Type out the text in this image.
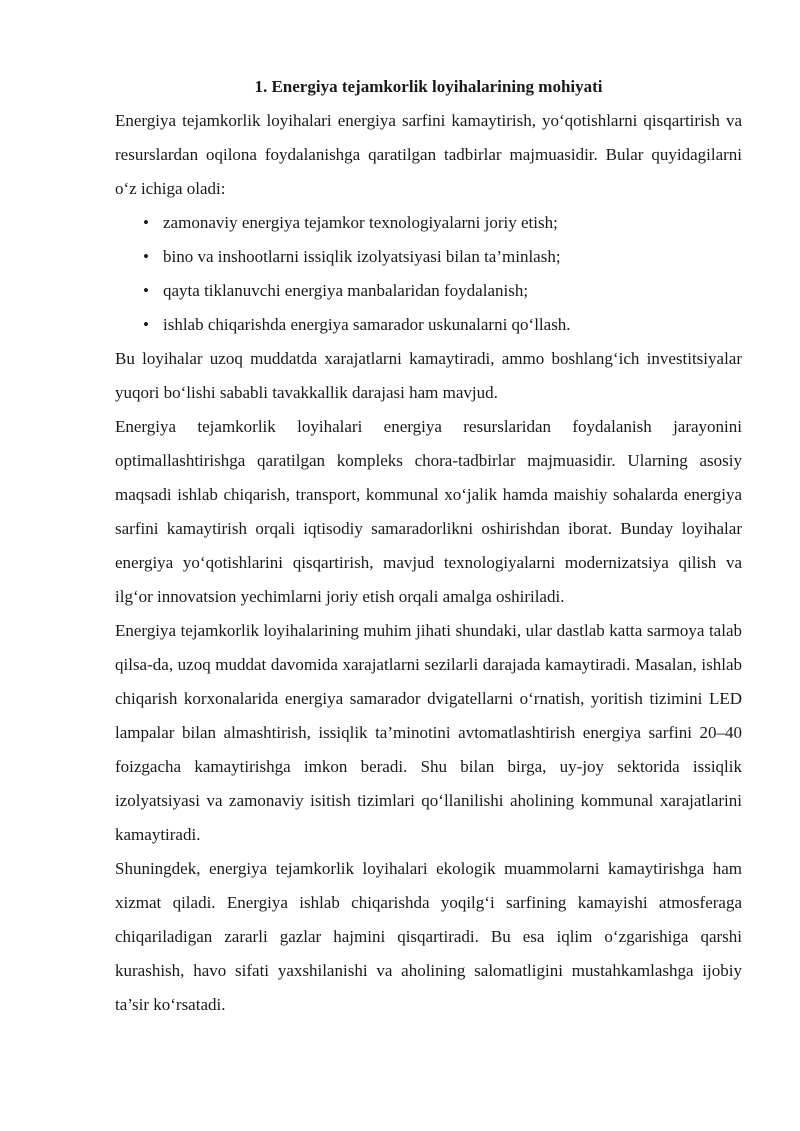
1. Energiya tejamkorlik loyihalarining mohiyati

Energiya tejamkorlik loyihalari energiya sarfini kamaytirish, yo‘qotishlarni qisqartirish va resurslardan oqilona foydalanishga qaratilgan tadbirlar majmuasidir. Bular quyidagilarni o‘z ichiga oladi:

• zamonaviy energiya tejamkor texnologiyalarni joriy etish;
• bino va inshootlarni issiqlik izolyatsiyasi bilan ta’minlash;
• qayta tiklanuvchi energiya manbalaridan foydalanish;
• ishlab chiqarishda energiya samarador uskunalarni qo‘llash.

Bu loyihalar uzoq muddatda xarajatlarni kamaytiradi, ammo boshlang‘ich investitsiyalar yuqori bo‘lishi sababli tavakkallik darajasi ham mavjud.

Energiya tejamkorlik loyihalari energiya resurslaridan foydalanish jarayonini optimallashtirishga qaratilgan kompleks chora-tadbirlar majmuasidir. Ularning asosiy maqsadi ishlab chiqarish, transport, kommunal xo‘jalik hamda maishiy sohalarda energiya sarfini kamaytirish orqali iqtisodiy samaradorlikni oshirishdan iborat. Bunday loyihalar energiya yo‘qotishlarini qisqartirish, mavjud texnologiyalarni modernizatsiya qilish va ilg‘or innovatsion yechimlarni joriy etish orqali amalga oshiriladi.

Energiya tejamkorlik loyihalarining muhim jihati shundaki, ular dastlab katta sarmoya talab qilsa-da, uzoq muddat davomida xarajatlarni sezilarli darajada kamaytiradi. Masalan, ishlab chiqarish korxonalarida energiya samarador dvigatellarni o‘rnatish, yoritish tizimini LED lampalar bilan almashtirish, issiqlik ta’minotini avtomatlashtirish energiya sarfini 20–40 foizgacha kamaytirishga imkon beradi. Shu bilan birga, uy-joy sektorida issiqlik izolyatsiyasi va zamonaviy isitish tizimlari qo‘llanilishi aholining kommunal xarajatlarini kamaytiradi.

Shuningdek, energiya tejamkorlik loyihalari ekologik muammolarni kamaytirishga ham xizmat qiladi. Energiya ishlab chiqarishda yoqilg‘i sarfining kamayishi atmosferaga chiqariladigan zararli gazlar hajmini qisqartiradi. Bu esa iqlim o‘zgarishiga qarshi kurashish, havo sifati yaxshilanishi va aholining salomatligini mustahkamlashga ijobiy ta’sir ko‘rsatadi.
